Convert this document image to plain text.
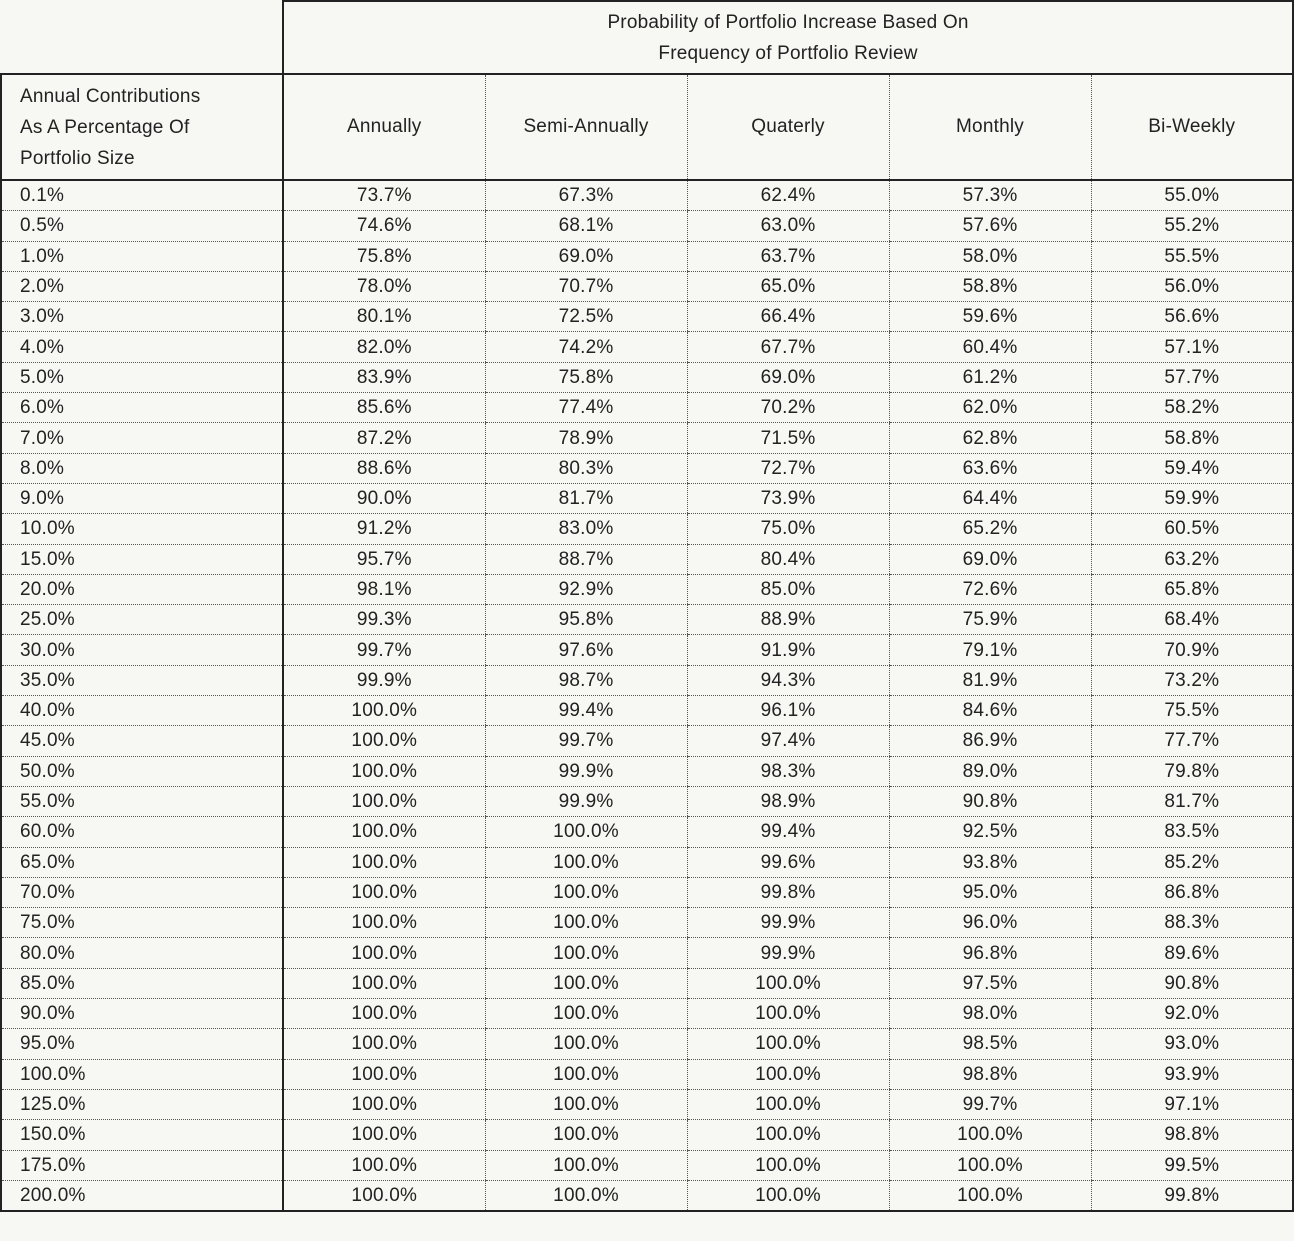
	Probability of Portfolio Increase Based On
Frequency of Portfolio Review				

Annual Contributions
As A Percentage Of
Portfolio Size	Annually	Semi-Annually	Quaterly	Monthly	Bi-Weekly
0.1%	73.7%	67.3%	62.4%	57.3%	55.0%
0.5%	74.6%	68.1%	63.0%	57.6%	55.2%
1.0%	75.8%	69.0%	63.7%	58.0%	55.5%
2.0%	78.0%	70.7%	65.0%	58.8%	56.0%
3.0%	80.1%	72.5%	66.4%	59.6%	56.6%
4.0%	82.0%	74.2%	67.7%	60.4%	57.1%
5.0%	83.9%	75.8%	69.0%	61.2%	57.7%
6.0%	85.6%	77.4%	70.2%	62.0%	58.2%
7.0%	87.2%	78.9%	71.5%	62.8%	58.8%
8.0%	88.6%	80.3%	72.7%	63.6%	59.4%
9.0%	90.0%	81.7%	73.9%	64.4%	59.9%
10.0%	91.2%	83.0%	75.0%	65.2%	60.5%
15.0%	95.7%	88.7%	80.4%	69.0%	63.2%
20.0%	98.1%	92.9%	85.0%	72.6%	65.8%
25.0%	99.3%	95.8%	88.9%	75.9%	68.4%
30.0%	99.7%	97.6%	91.9%	79.1%	70.9%
35.0%	99.9%	98.7%	94.3%	81.9%	73.2%
40.0%	100.0%	99.4%	96.1%	84.6%	75.5%
45.0%	100.0%	99.7%	97.4%	86.9%	77.7%
50.0%	100.0%	99.9%	98.3%	89.0%	79.8%
55.0%	100.0%	99.9%	98.9%	90.8%	81.7%
60.0%	100.0%	100.0%	99.4%	92.5%	83.5%
65.0%	100.0%	100.0%	99.6%	93.8%	85.2%
70.0%	100.0%	100.0%	99.8%	95.0%	86.8%
75.0%	100.0%	100.0%	99.9%	96.0%	88.3%
80.0%	100.0%	100.0%	99.9%	96.8%	89.6%
85.0%	100.0%	100.0%	100.0%	97.5%	90.8%
90.0%	100.0%	100.0%	100.0%	98.0%	92.0%
95.0%	100.0%	100.0%	100.0%	98.5%	93.0%
100.0%	100.0%	100.0%	100.0%	98.8%	93.9%
125.0%	100.0%	100.0%	100.0%	99.7%	97.1%
150.0%	100.0%	100.0%	100.0%	100.0%	98.8%
175.0%	100.0%	100.0%	100.0%	100.0%	99.5%
200.0%	100.0%	100.0%	100.0%	100.0%	99.8%
